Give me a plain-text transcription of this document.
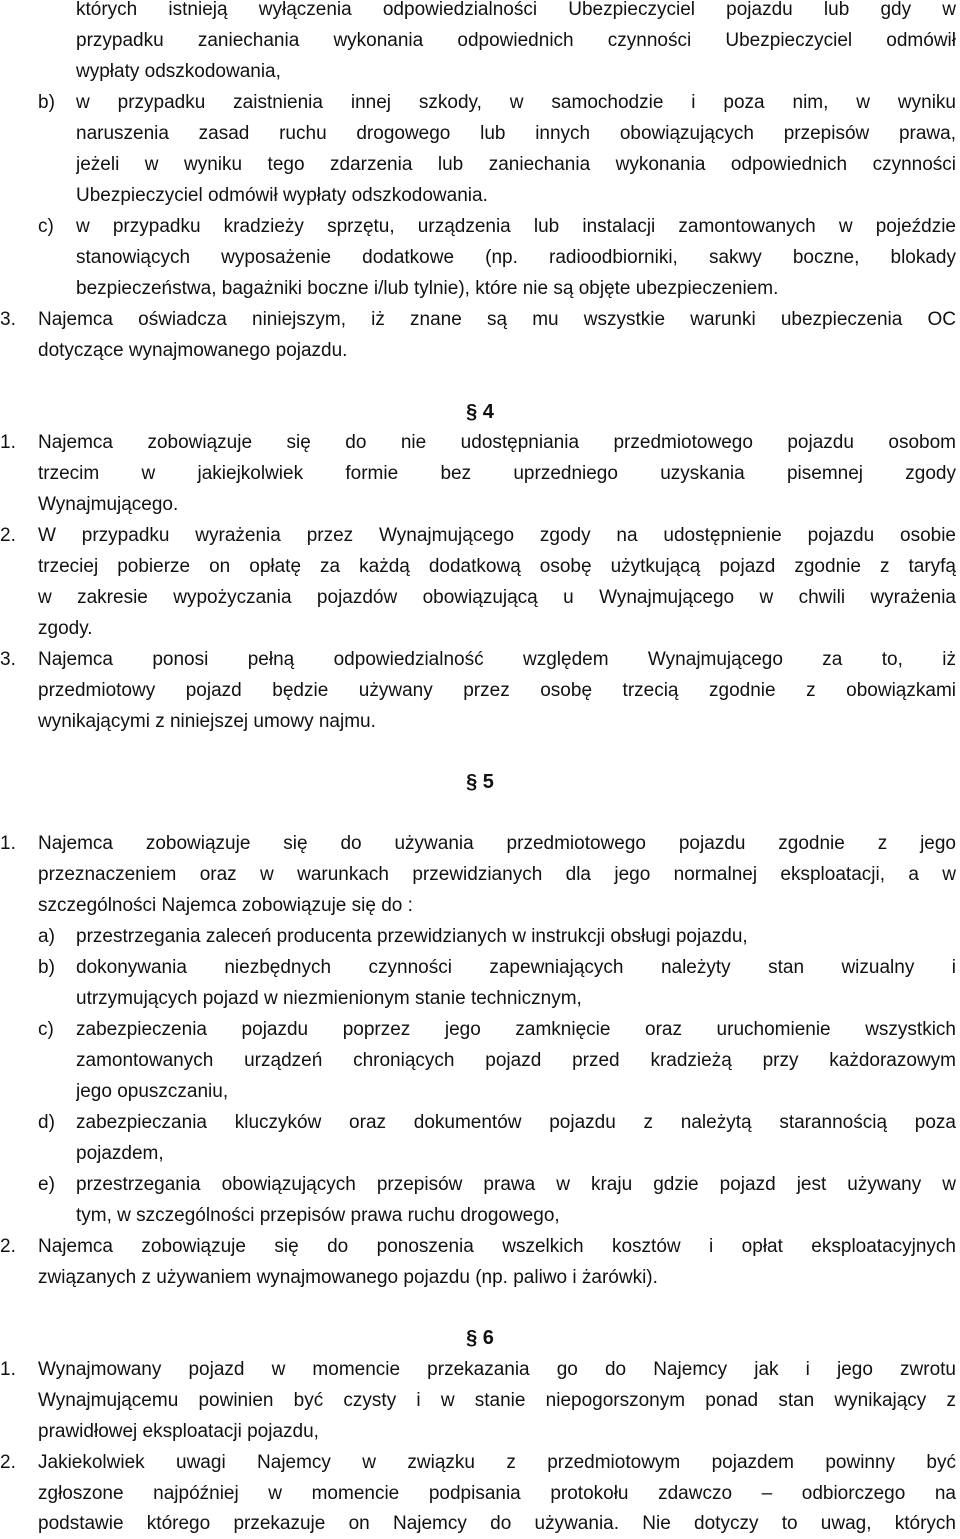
których istnieją wyłączenia odpowiedzialności Ubezpieczyciel pojazdu lub gdy w
przypadku zaniechania wykonania odpowiednich czynności Ubezpieczyciel odmówił
wypłaty odszkodowania,
b)	w przypadku zaistnienia innej szkody, w samochodzie i poza nim, w wyniku
naruszenia zasad ruchu drogowego lub innych obowiązujących przepisów prawa,
jeżeli w wyniku tego zdarzenia lub zaniechania wykonania odpowiednich czynności
Ubezpieczyciel odmówił wypłaty odszkodowania.
c)	w przypadku kradzieży sprzętu, urządzenia lub instalacji zamontowanych w pojeździe
stanowiących wyposażenie dodatkowe (np. radioodbiorniki, sakwy boczne, blokady
bezpieczeństwa, bagażniki boczne i/lub tylnie), które nie są objęte ubezpieczeniem.
3.	Najemca oświadcza niniejszym, iż znane są mu wszystkie warunki ubezpieczenia OC
dotyczące wynajmowanego pojazdu.
§ 4
1.	Najemca zobowiązuje się do nie udostępniania przedmiotowego pojazdu osobom
trzecim w jakiejkolwiek formie bez uprzedniego uzyskania pisemnej zgody
Wynajmującego.
2.	W przypadku wyrażenia przez Wynajmującego zgody na udostępnienie pojazdu osobie
trzeciej pobierze on opłatę za każdą dodatkową osobę użytkującą pojazd zgodnie z taryfą
w zakresie wypożyczania pojazdów obowiązującą u Wynajmującego w chwili wyrażenia
zgody.
3.	Najemca ponosi pełną odpowiedzialność względem Wynajmującego za to, iż
przedmiotowy pojazd będzie używany przez osobę trzecią zgodnie z obowiązkami
wynikającymi z niniejszej umowy najmu.
§ 5
1.	Najemca zobowiązuje się do używania przedmiotowego pojazdu zgodnie z jego
przeznaczeniem oraz w warunkach przewidzianych dla jego normalnej eksploatacji, a w
szczególności Najemca zobowiązuje się do :
a)	przestrzegania zaleceń producenta przewidzianych w instrukcji obsługi pojazdu,
b)	dokonywania niezbędnych czynności zapewniających należyty stan wizualny i
utrzymujących pojazd w niezmienionym stanie technicznym,
c)	zabezpieczenia pojazdu poprzez jego zamknięcie oraz uruchomienie wszystkich
zamontowanych urządzeń chroniących pojazd przed kradzieżą przy każdorazowym
jego opuszczaniu,
d)	zabezpieczania kluczyków oraz dokumentów pojazdu z należytą starannością poza
pojazdem,
e)	przestrzegania obowiązujących przepisów prawa w kraju gdzie pojazd jest używany w
tym, w szczególności przepisów prawa ruchu drogowego,
2.	Najemca zobowiązuje się do ponoszenia wszelkich kosztów i opłat eksploatacyjnych
związanych z używaniem wynajmowanego pojazdu (np. paliwo i żarówki).
§ 6
1.	Wynajmowany pojazd w momencie przekazania go do Najemcy jak i jego zwrotu
Wynajmującemu powinien być czysty i w stanie niepogorszonym ponad stan wynikający z
prawidłowej eksploatacji pojazdu,
2.	Jakiekolwiek uwagi Najemcy w związku z przedmiotowym pojazdem powinny być
zgłoszone najpóźniej w momencie podpisania protokołu zdawczo – odbiorczego na
podstawie którego przekazuje on Najemcy do używania. Nie dotyczy to uwag, których
